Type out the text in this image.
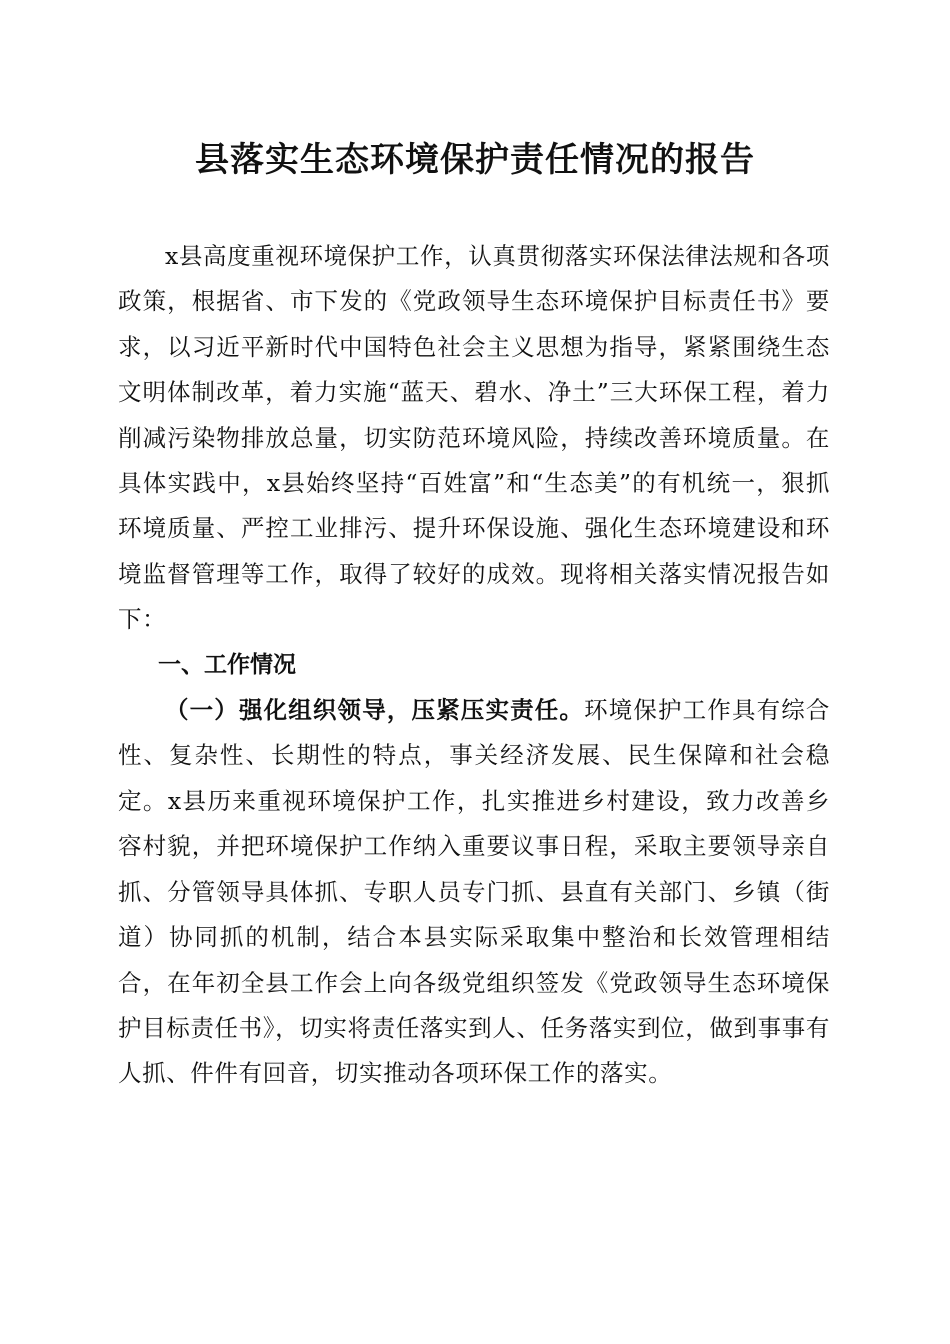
县落实生态环境保护责任情况的报告

x县高度重视环境保护工作，认真贯彻落实环保法律法规和各项政策，根据省、市下发的《党政领导生态环境保护目标责任书》要求，以习近平新时代中国特色社会主义思想为指导，紧紧围绕生态文明体制改革，着力实施“蓝天、碧水、净土”三大环保工程，着力削减污染物排放总量，切实防范环境风险，持续改善环境质量。在具体实践中，x县始终坚持“百姓富”和“生态美”的有机统一，狠抓环境质量、严控工业排污、提升环保设施、强化生态环境建设和环境监督管理等工作，取得了较好的成效。现将相关落实情况报告如下：

一、工作情况

（一）强化组织领导，压紧压实责任。环境保护工作具有综合性、复杂性、长期性的特点，事关经济发展、民生保障和社会稳定。x县历来重视环境保护工作，扎实推进乡村建设，致力改善乡容村貌，并把环境保护工作纳入重要议事日程，采取主要领导亲自抓、分管领导具体抓、专职人员专门抓、县直有关部门、乡镇（街道）协同抓的机制，结合本县实际采取集中整治和长效管理相结合，在年初全县工作会上向各级党组织签发《党政领导生态环境保护目标责任书》，切实将责任落实到人、任务落实到位，做到事事有人抓、件件有回音，切实推动各项环保工作的落实。
